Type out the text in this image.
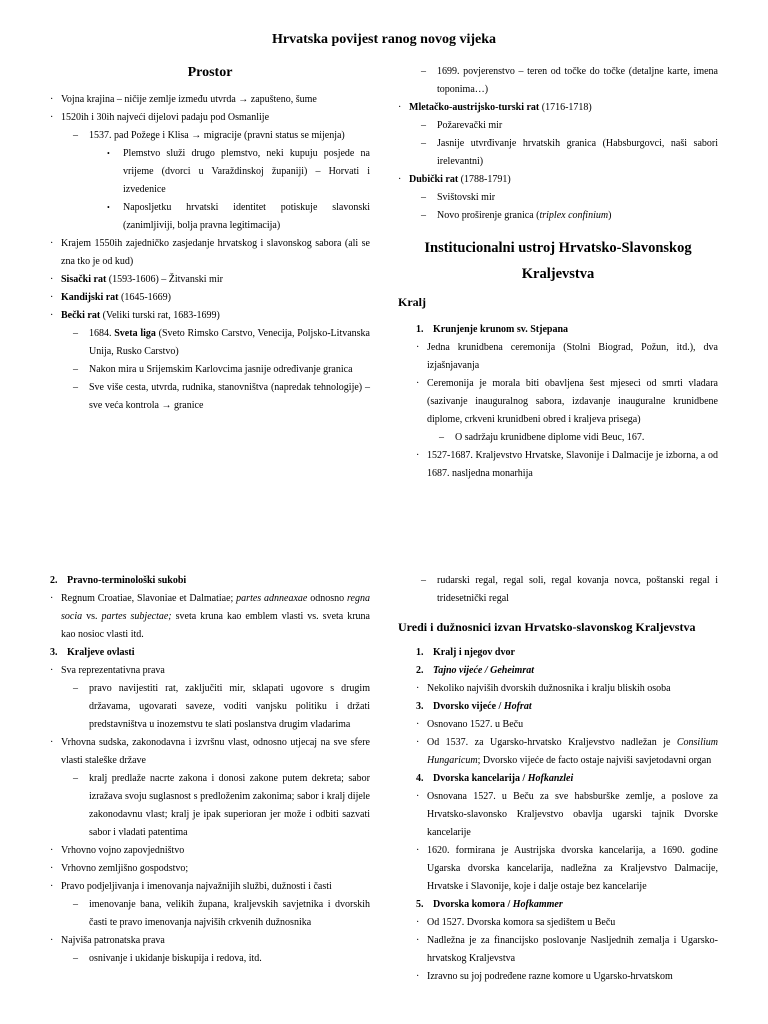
Hrvatska povijest ranog novog vijeka
Prostor
· Vojna krajina – ničije zemlje između utvrda → zapušteno, šume
· 1520ih i 30ih najveći dijelovi padaju pod Osmanlije
– 1537. pad Požege i Klisa → migracije (pravni status se mijenja)
• Plemstvo služi drugo plemstvo, neki kupuju posjede na vrijeme (dvorci u Varaždinskoj županiji) – Horvati i izvedenice
• Naposljetku hrvatski identitet potiskuje slavonski (zanimljiviji, bolja pravna legitimacija)
· Krajem 1550ih zajedničko zasjedanje hrvatskog i slavonskog sabora (ali se zna tko je od kud)
· Sisački rat (1593-1606) – Žitvanski mir
· Kandijski rat (1645-1669)
· Bečki rat (Veliki turski rat, 1683-1699)
– 1684. Sveta liga (Sveto Rimsko Carstvo, Venecija, Poljsko-Litvanska Unija, Rusko Carstvo)
– Nakon mira u Srijemskim Karlovcima jasnije određivanje granica
– Sve više cesta, utvrda, rudnika, stanovništva (napredak tehnologije) – sve veća kontrola → granice
– 1699. povjerenstvo – teren od točke do točke (detaljne karte, imena toponima…)
· Mletačko-austrijsko-turski rat (1716-1718)
– Požarevački mir
– Jasnije utvrđivanje hrvatskih granica (Habsburgovci, naši sabori irelevantni)
· Dubički rat (1788-1791)
– Svištovski mir
– Novo proširenje granica (triplex confinium)
Institucionalni ustroj Hrvatsko-Slavonskog
Kraljevstva
Kralj
1. Krunjenje krunom sv. Stjepana
· Jedna krunidbena ceremonija (Stolni Biograd, Požun, itd.), dva izjašnjavanja
· Ceremonija je morala biti obavljena šest mjeseci od smrti vladara (sazivanje inauguralnog sabora, izdavanje inauguralne krunidbene diplome, crkveni krunidbeni obred i kraljeva prisega)
– O sadržaju krunidbene diplome vidi Beuc, 167.
· 1527-1687. Kraljevstvo Hrvatske, Slavonije i Dalmacije je izborna, a od 1687. nasljedna monarhija
2. Pravno-terminološki sukobi
· Regnum Croatiae, Slavoniae et Dalmatiae; partes adnneaxae odnosno regna socia vs. partes subjectae; sveta kruna kao emblem vlasti vs. sveta kruna kao nosioc vlasti itd.
3. Kraljeve ovlasti
· Sva reprezentativna prava
– pravo navijestiti rat, zaključiti mir, sklapati ugovore s drugim državama, ugovarati saveze, voditi vanjsku politiku i držati predstavništva u inozemstvu te slati poslanstva drugim vladarima
· Vrhovna sudska, zakonodavna i izvršnu vlast, odnosno utjecaj na sve sfere vlasti staleške države
– kralj predlaže nacrte zakona i donosi zakone putem dekreta; sabor izražava svoju suglasnost s predloženim zakonima; sabor i kralj dijele zakonodavnu vlast; kralj je ipak superioran jer može i odbiti sazvati sabor i vladati patentima
· Vrhovno vojno zapovjedništvo
· Vrhovno zemljišno gospodstvo;
· Pravo podjeljivanja i imenovanja najvažnijih službi, dužnosti i časti
– imenovanje bana, velikih župana, kraljevskih savjetnika i dvorskih časti te pravo imenovanja najviših crkvenih dužnosnika
· Najviša patronatska prava
– osnivanje i ukidanje biskupija i redova, itd.
– rudarski regal, regal soli, regal kovanja novca, poštanski regal i tridesetnički regal
Uredi i dužnosnici izvan Hrvatsko-slavonskog Kraljevstva
1. Kralj i njegov dvor
2. Tajno vijeće / Geheimrat
· Nekoliko najviših dvorskih dužnosnika i kralju bliskih osoba
3. Dvorsko vijeće / Hofrat
· Osnovano 1527. u Beču
· Od 1537. za Ugarsko-hrvatsko Kraljevstvo nadležan je Consilium Hungaricum; Dvorsko vijeće de facto ostaje najviši savjetodavni organ
4. Dvorska kancelarija / Hofkanzlei
· Osnovana 1527. u Beču za sve habsburške zemlje, a poslove za Hrvatsko-slavonsko Kraljevstvo obavlja ugarski tajnik Dvorske kancelarije
· 1620. formirana je Austrijska dvorska kancelarija, a 1690. godine Ugarska dvorska kancelarija, nadležna za Kraljevstvo Dalmacije, Hrvatske i Slavonije, koje i dalje ostaje bez kancelarije
5. Dvorska komora / Hofkammer
· Od 1527. Dvorska komora sa sjedištem u Beču
· Nadležna je za financijsko poslovanje Nasljednih zemalja i Ugarsko-hrvatskog Kraljevstva
· Izravno su joj podređene razne komore u Ugarsko-hrvatskom
